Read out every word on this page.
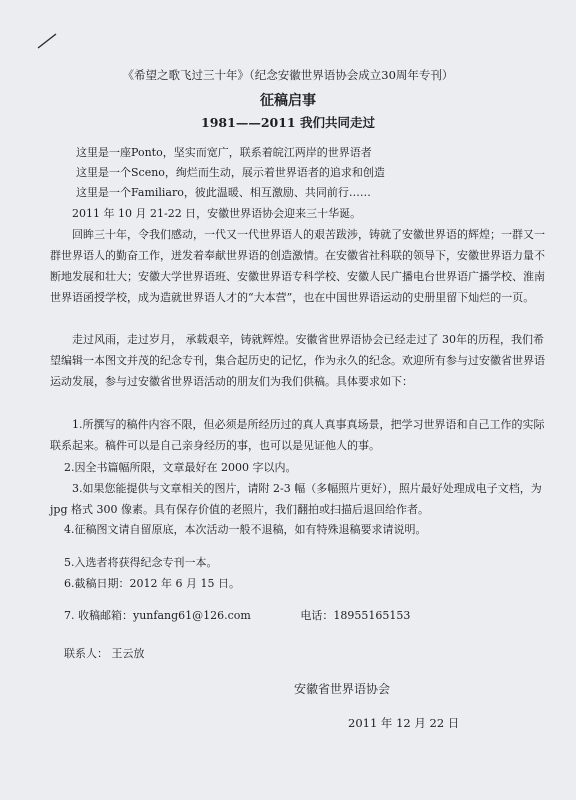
《希望之歌飞过三十年》（纪念安徽世界语协会成立30周年专刊）
征稿启事
1981——2011 我们共同走过
这里是一座Ponto，坚实而宽广，联系着皖江两岸的世界语者
这里是一个Sceno，绚烂而生动，展示着世界语者的追求和创造
这里是一个Familiaro，彼此温暖、相互激励、共同前行……

2011 年 10 月 21-22 日，安徽世界语协会迎来三十华诞。

回眸三十年，令我们感动，一代又一代世界语人的艰苦跋涉，铸就了安徽世界语的辉煌；一群又一群世界语人的勤奋工作，迸发着奉献世界语的创造激情。在安徽省社科联的领导下，安徽世界语力量不断地发展和壮大；安徽大学世界语班、安徽世界语专科学校、安徽人民广播电台世界语广播学校、淮南世界语函授学校，成为造就世界语人才的“大本营”，也在中国世界语运动的史册里留下灿烂的一页。

走过风雨，走过岁月， 承载艰辛，铸就辉煌。安徽省世界语协会已经走过了 30年的历程，我们希望编辑一本图文并茂的纪念专刊，集合起历史的记忆，作为永久的纪念。欢迎所有参与过安徽省世界语运动发展，参与过安徽省世界语活动的朋友们为我们供稿。具体要求如下：

1.所撰写的稿件内容不限，但必须是所经历过的真人真事真场景，把学习世界语和自己工作的实际联系起来。稿件可以是自己亲身经历的事，也可以是见证他人的事。

2.因全书篇幅所限，文章最好在 2000 字以内。

3.如果您能提供与文章相关的图片，请附 2-3 幅（多幅照片更好），照片最好处理成电子文档，为 jpg 格式 300 像素。具有保存价值的老照片，我们翻拍或扫描后退回给作者。

4.征稿图文请自留原底，本次活动一般不退稿，如有特殊退稿要求请说明。
5.入选者将获得纪念专刊一本。
6.截稿日期：2012 年 6 月 15 日。
7. 收稿邮箱：yunfang61@126.com	电话：18955165153
联系人： 王云放
安徽省世界语协会
2011 年 12 月 22 日
